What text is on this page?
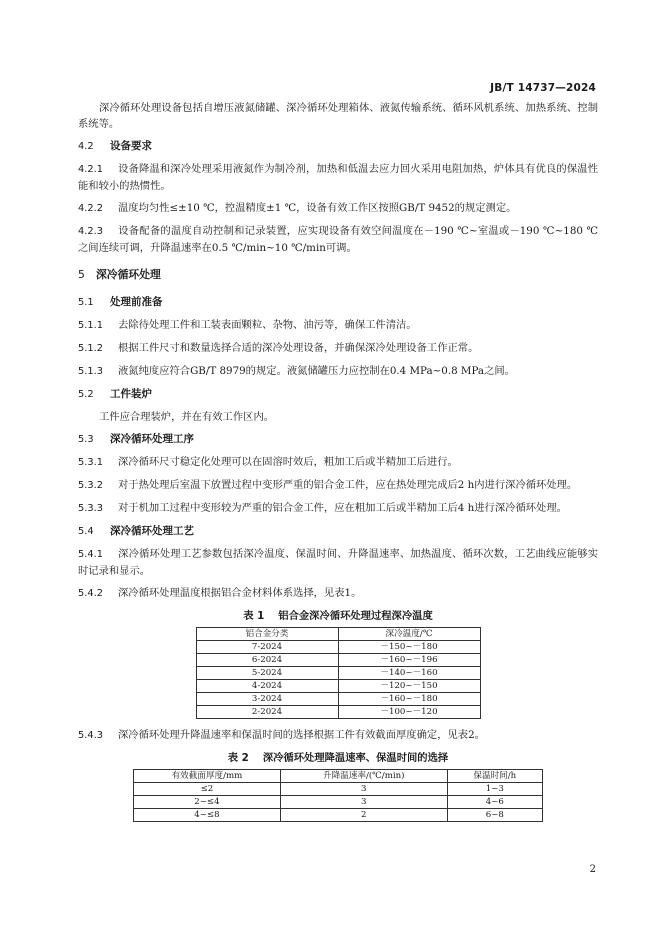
JB/T 14737—2024

深冷循环处理设备包括自增压液氮储罐、深冷循环处理箱体、液氮传输系统、循环风机系统、加热系统、控制系统等。

4.2 设备要求

4.2.1 设备降温和深冷处理采用液氮作为制冷剂，加热和低温去应力回火采用电阻加热，炉体具有优良的保温性能和较小的热惯性。

4.2.2 温度均匀性≤±10 ℃，控温精度±1 ℃，设备有效工作区按照GB/T 9452的规定测定。

4.2.3 设备配备的温度自动控制和记录装置，应实现设备有效空间温度在－190 ℃~室温或－190 ℃~180 ℃之间连续可调，升降温速率在0.5 ℃/min~10 ℃/min可调。

5 深冷循环处理

5.1 处理前准备

5.1.1 去除待处理工件和工装表面颗粒、杂物、油污等，确保工件清洁。

5.1.2 根据工件尺寸和数量选择合适的深冷处理设备，并确保深冷处理设备工作正常。

5.1.3 液氮纯度应符合GB/T 8979的规定。液氮储罐压力应控制在0.4 MPa~0.8 MPa之间。

5.2 工件装炉

工件应合理装炉，并在有效工作区内。

5.3 深冷循环处理工序

5.3.1 深冷循环尺寸稳定化处理可以在固溶时效后，粗加工后或半精加工后进行。

5.3.2 对于热处理后室温下放置过程中变形严重的铝合金工件，应在热处理完成后2 h内进行深冷循环处理。

5.3.3 对于机加工过程中变形较为严重的铝合金工件，应在粗加工后或半精加工后4 h进行深冷循环处理。

5.4 深冷循环处理工艺

5.4.1 深冷循环处理工艺参数包括深冷温度、保温时间、升降温速率、加热温度、循环次数，工艺曲线应能够实时记录和显示。

5.4.2 深冷循环处理温度根据铝合金材料体系选择，见表1。

表 1 铝合金深冷循环处理过程深冷温度

铝合金分类	深冷温度/℃
7-2024	－150~－180
6-2024	－160~－196
5-2024	－140~－160
4-2024	－120~－150
3-2024	－160~－180
2-2024	－100~－120

5.4.3 深冷循环处理升降温速率和保温时间的选择根据工件有效截面厚度确定，见表2。

表 2 深冷循环处理降温速率、保温时间的选择

有效截面厚度/mm	升降温速率/(℃/min)	保温时间/h
≤2	3	1~3
2~≤4	3	4~6
4~≤8	2	6~8
2
